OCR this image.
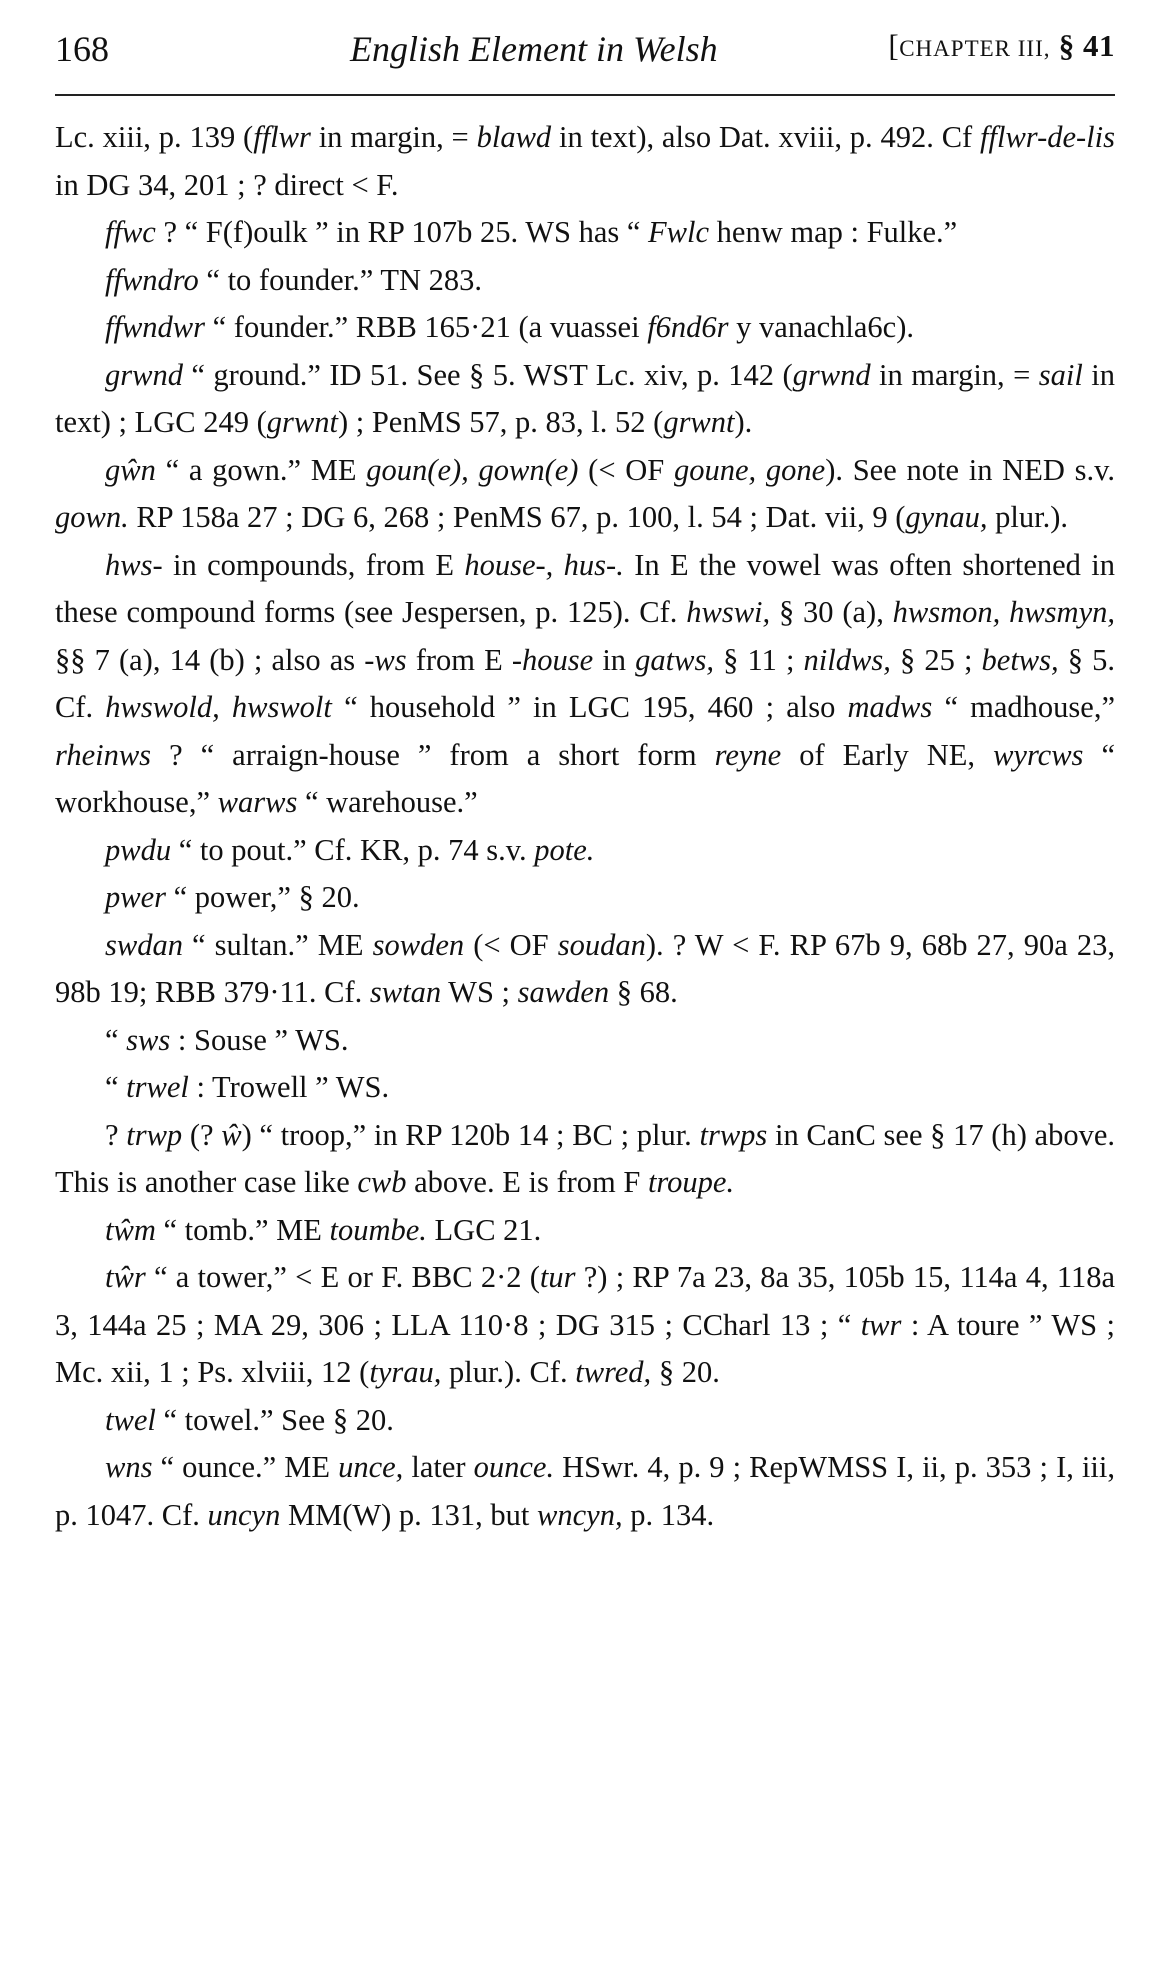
168	English Element in Welsh	[CHAPTER III, § 41

Lc. xiii, p. 139 (fflwr in margin, = blawd in text), also Dat. xviii, p. 492. Cf fflwr-de-lis in DG 34, 201 ; ? direct < F.

ffwc ? “ F(f)oulk ” in RP 107b 25. WS has “ Fwlc henw map : Fulke.”

ffwndro “ to founder.” TN 283.

ffwndwr “ founder.” RBB 165·21 (a vuassei f6nd6r y vanachla6c).

grwnd “ ground.” ID 51. See § 5. WST Lc. xiv, p. 142 (grwnd in margin, = sail in text) ; LGC 249 (grwnt) ; PenMS 57, p. 83, l. 52 (grwnt).

gŵn “ a gown.” ME goun(e), gown(e) (< OF goune, gone). See note in NED s.v. gown. RP 158a 27 ; DG 6, 268 ; PenMS 67, p. 100, l. 54 ; Dat. vii, 9 (gynau, plur.).

hws- in compounds, from E house-, hus-. In E the vowel was often shortened in these compound forms (see Jespersen, p. 125). Cf. hwswi, § 30 (a), hwsmon, hwsmyn, §§ 7 (a), 14 (b) ; also as -ws from E -house in gatws, § 11 ; nildws, § 25 ; betws, § 5. Cf. hwswold, hwswolt “ household ” in LGC 195, 460 ; also madws “ madhouse,” rheinws ? “ arraign-house ” from a short form reyne of Early NE, wyrcws “ workhouse,” warws “ warehouse.”

pwdu “ to pout.” Cf. KR, p. 74 s.v. pote.

pwer “ power,” § 20.

swdan “ sultan.” ME sowden (< OF soudan). ? W < F. RP 67b 9, 68b 27, 90a 23, 98b 19; RBB 379·11. Cf. swtan WS ; sawden § 68.

“ sws : Souse ” WS.

“ trwel : Trowell ” WS.

? trwp (? ŵ) “ troop,” in RP 120b 14 ; BC ; plur. trwps in CanC see § 17 (h) above. This is another case like cwb above. E is from F troupe.

tŵm “ tomb.” ME toumbe. LGC 21.

tŵr “ a tower,” < E or F. BBC 2·2 (tur ?) ; RP 7a 23, 8a 35, 105b 15, 114a 4, 118a 3, 144a 25 ; MA 29, 306 ; LLA 110·8 ; DG 315 ; CCharl 13 ; “ twr : A toure ” WS ; Mc. xii, 1 ; Ps. xlviii, 12 (tyrau, plur.). Cf. twred, § 20.

twel “ towel.” See § 20.

wns “ ounce.” ME unce, later ounce. HSwr. 4, p. 9 ; RepWMSS I, ii, p. 353 ; I, iii, p. 1047. Cf. uncyn MM(W) p. 131, but wncyn, p. 134.
